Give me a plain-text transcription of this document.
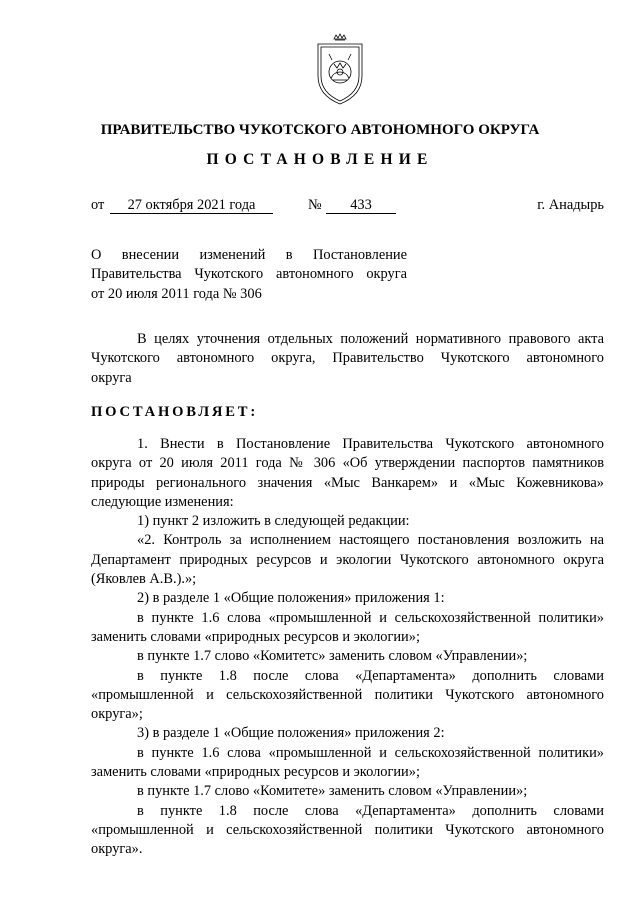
ПРАВИТЕЛЬСТВО ЧУКОТСКОГО АВТОНОМНОГО ОКРУГА
ПОСТАНОВЛЕНИЕ
от	27 октября 2021 года	№	433	г. Анадырь
О внесении изменений в Постановление
Правительства Чукотского автономного округа
от 20 июля 2011 года № 306
В целях уточнения отдельных положений нормативного правового акта
Чукотского автономного округа, Правительство Чукотского автономного
округа
ПОСТАНОВЛЯЕТ:
1. Внести в Постановление Правительства Чукотского автономного
округа от 20 июля 2011 года № 306 «Об утверждении паспортов памятников
природы регионального значения «Мыс Ванкарем» и «Мыс Кожевникова»
следующие изменения:
1) пункт 2 изложить в следующей редакции:
«2. Контроль за исполнением настоящего постановления возложить на
Департамент природных ресурсов и экологии Чукотского автономного округа
(Яковлев А.В.).»;
2) в разделе 1 «Общие положения» приложения 1:
в пункте 1.6 слова «промышленной и сельскохозяйственной политики»
заменить словами «природных ресурсов и экологии»;
в пункте 1.7 слово «Комитетс» заменить словом «Управлении»;
в пункте 1.8 после слова «Департамента» дополнить словами
«промышленной и сельскохозяйственной политики Чукотского автономного
округа»;
3) в разделе 1 «Общие положения» приложения 2:
в пункте 1.6 слова «промышленной и сельскохозяйственной политики»
заменить словами «природных ресурсов и экологии»;
в пункте 1.7 слово «Комитете» заменить словом «Управлении»;
в пункте 1.8 после слова «Департамента» дополнить словами
«промышленной и сельскохозяйственной политики Чукотского автономного
округа».
